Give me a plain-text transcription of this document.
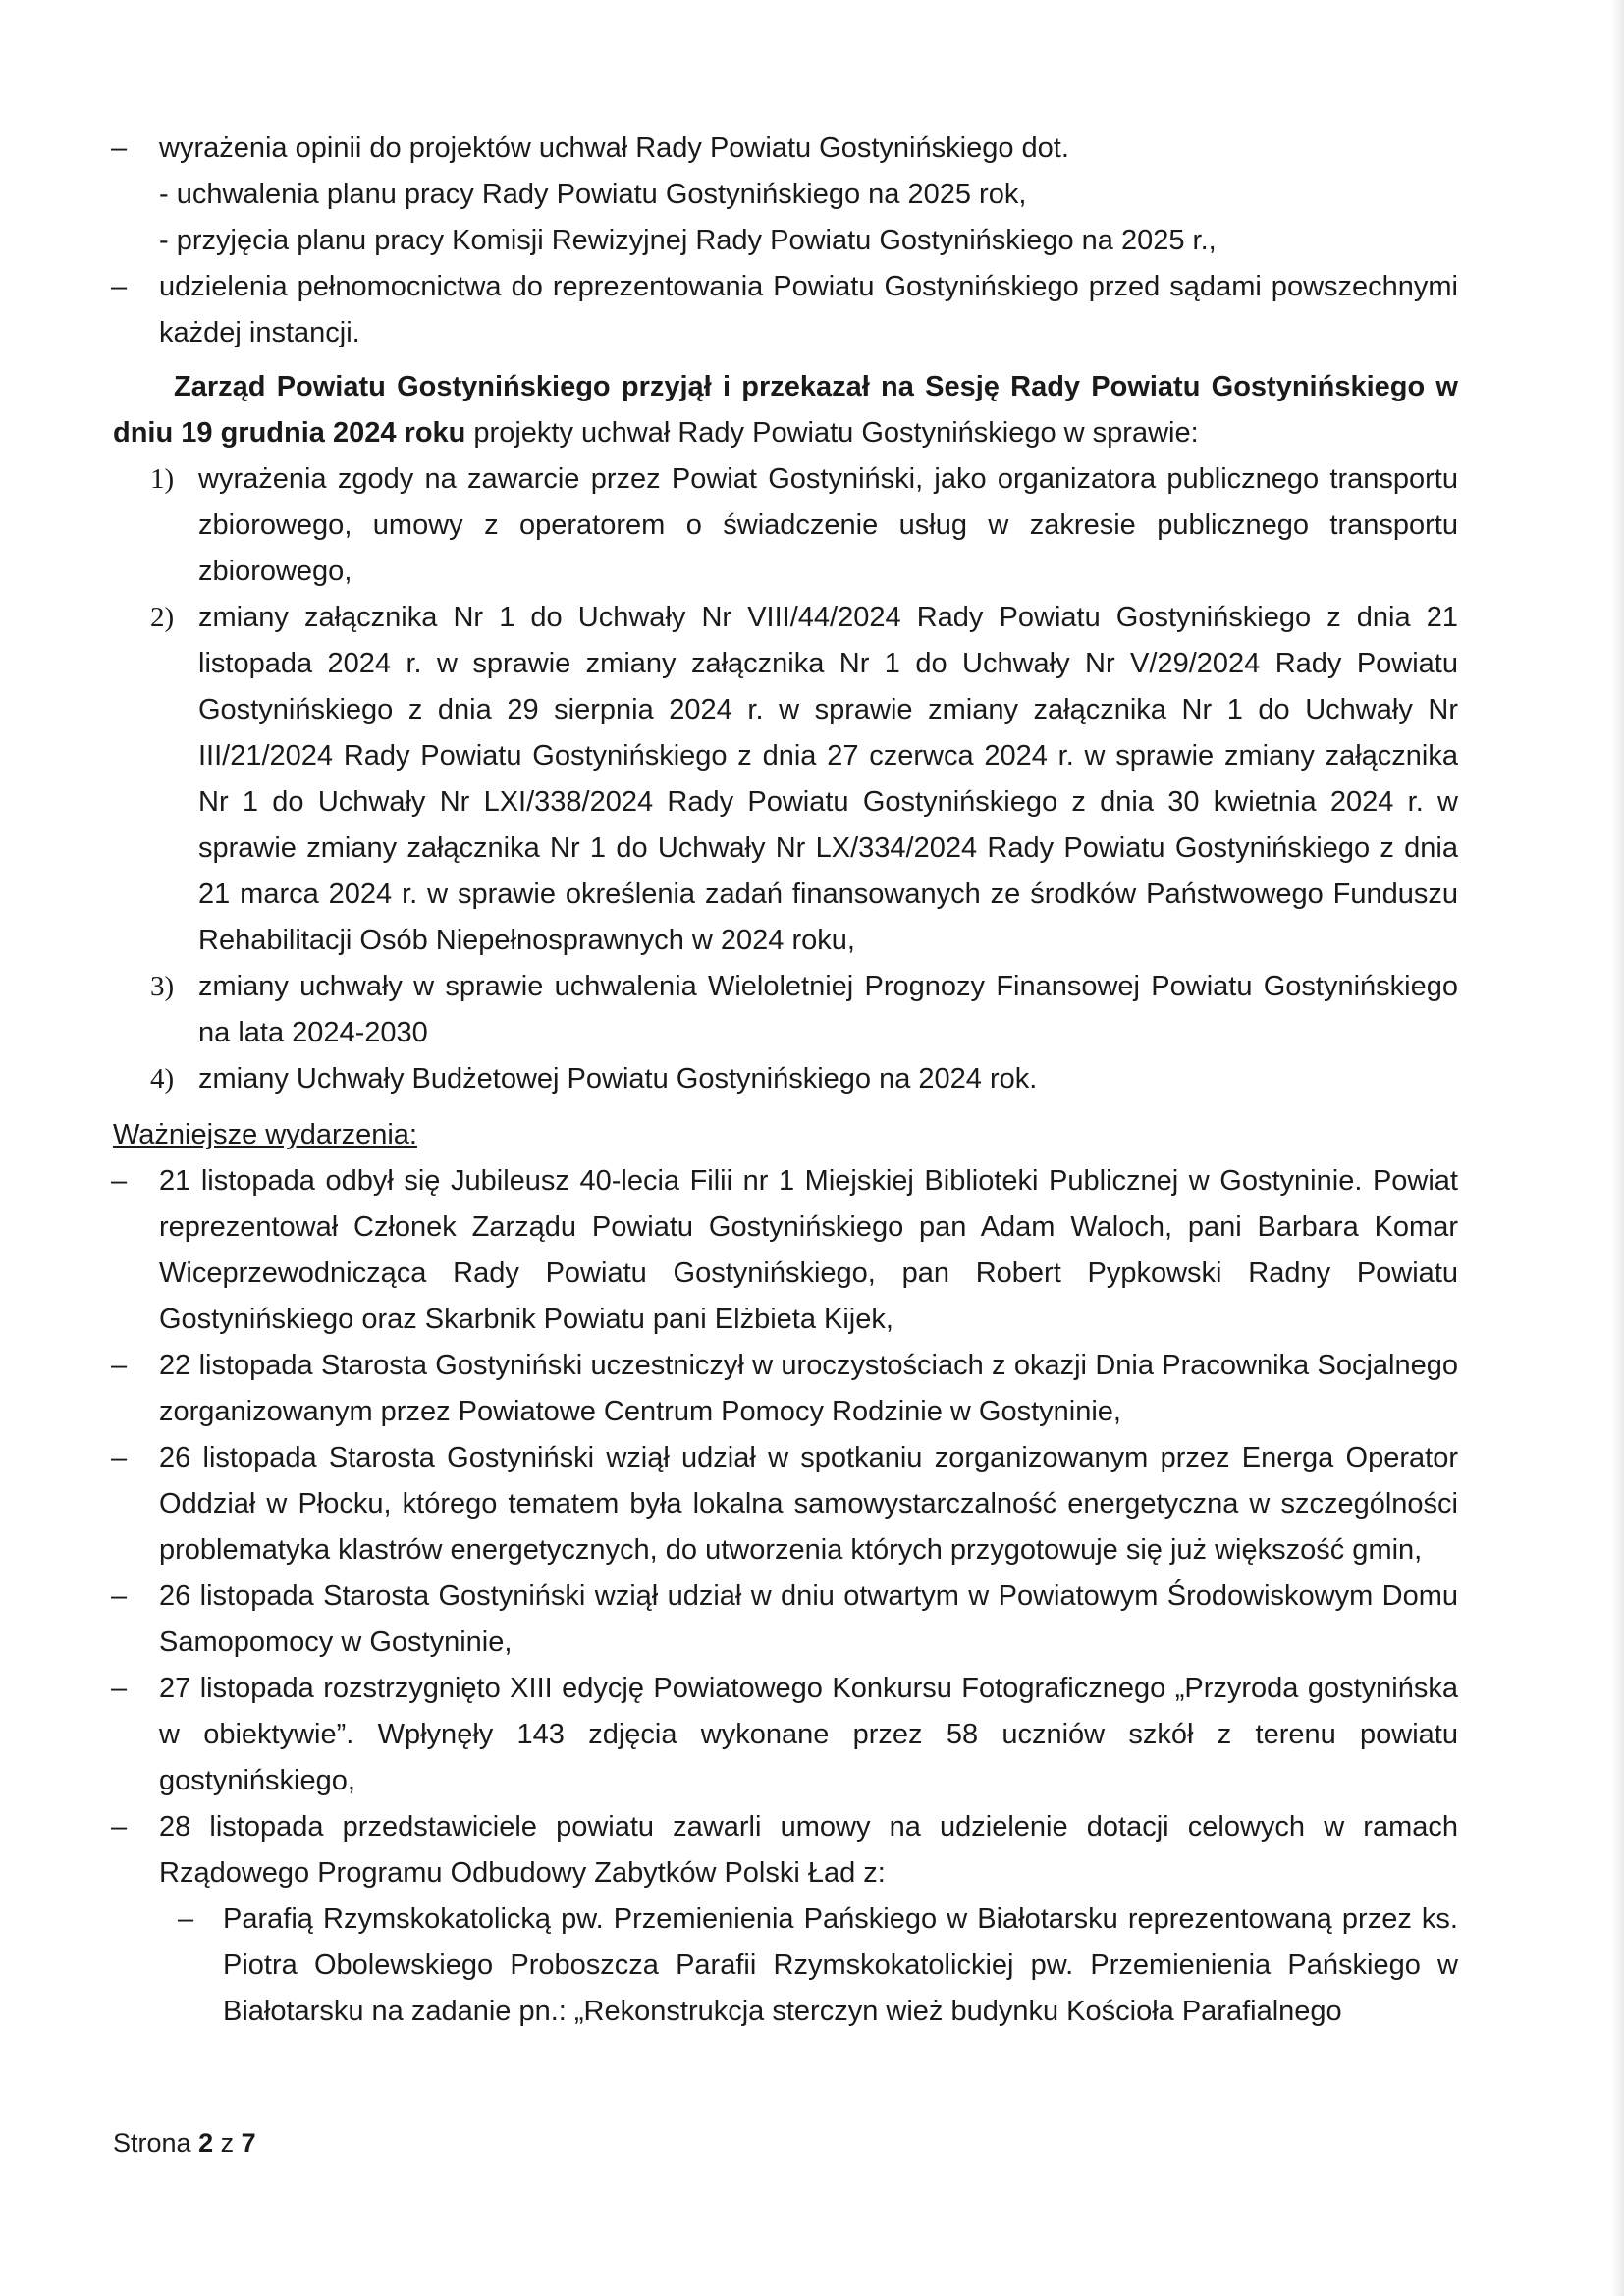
– wyrażenia opinii do projektów uchwał Rady Powiatu Gostynińskiego dot.
- uchwalenia planu pracy Rady Powiatu Gostynińskiego na 2025 rok,
- przyjęcia planu pracy Komisji Rewizyjnej Rady Powiatu Gostynińskiego na 2025 r.,
– udzielenia pełnomocnictwa do reprezentowania Powiatu Gostynińskiego przed sądami powszechnymi każdej instancji.

Zarząd Powiatu Gostynińskiego przyjął i przekazał na Sesję Rady Powiatu Gostynińskiego w dniu 19 grudnia 2024 roku projekty uchwał Rady Powiatu Gostynińskiego w sprawie:

1) wyrażenia zgody na zawarcie przez Powiat Gostyniński, jako organizatora publicznego transportu zbiorowego, umowy z operatorem o świadczenie usług w zakresie publicznego transportu zbiorowego,
2) zmiany załącznika Nr 1 do Uchwały Nr VIII/44/2024 Rady Powiatu Gostynińskiego z dnia 21 listopada 2024 r. w sprawie zmiany załącznika Nr 1 do Uchwały Nr V/29/2024 Rady Powiatu Gostynińskiego z dnia 29 sierpnia 2024 r. w sprawie zmiany załącznika Nr 1 do Uchwały Nr III/21/2024 Rady Powiatu Gostynińskiego z dnia 27 czerwca 2024 r. w sprawie zmiany załącznika Nr 1 do Uchwały Nr LXI/338/2024 Rady Powiatu Gostynińskiego z dnia 30 kwietnia 2024 r. w sprawie zmiany załącznika Nr 1 do Uchwały Nr LX/334/2024 Rady Powiatu Gostynińskiego z dnia 21 marca 2024 r. w sprawie określenia zadań finansowanych ze środków Państwowego Funduszu Rehabilitacji Osób Niepełnosprawnych w 2024 roku,
3) zmiany uchwały w sprawie uchwalenia Wieloletniej Prognozy Finansowej Powiatu Gostynińskiego na lata 2024-2030
4) zmiany Uchwały Budżetowej Powiatu Gostynińskiego na 2024 rok.
Ważniejsze wydarzenia:
– 21 listopada odbył się Jubileusz 40-lecia Filii nr 1 Miejskiej Biblioteki Publicznej w Gostyninie. Powiat reprezentował Członek Zarządu Powiatu Gostynińskiego pan Adam Waloch, pani Barbara Komar Wiceprzewodnicząca Rady Powiatu Gostynińskiego, pan Robert Pypkowski Radny Powiatu Gostynińskiego oraz Skarbnik Powiatu pani Elżbieta Kijek,
– 22 listopada Starosta Gostyniński uczestniczył w uroczystościach z okazji Dnia Pracownika Socjalnego zorganizowanym przez Powiatowe Centrum Pomocy Rodzinie w Gostyninie,
– 26 listopada Starosta Gostyniński wziął udział w spotkaniu zorganizowanym przez Energa Operator Oddział w Płocku, którego tematem była lokalna samowystarczalność energetyczna w szczególności problematyka klastrów energetycznych, do utworzenia których przygotowuje się już większość gmin,
– 26 listopada Starosta Gostyniński wziął udział w dniu otwartym w Powiatowym Środowiskowym Domu Samopomocy w Gostyninie,
– 27 listopada rozstrzygnięto XIII edycję Powiatowego Konkursu Fotograficznego „Przyroda gostynińska w obiektywie”. Wpłynęły 143 zdjęcia wykonane przez 58 uczniów szkół z terenu powiatu gostynińskiego,
– 28 listopada przedstawiciele powiatu zawarli umowy na udzielenie dotacji celowych w ramach Rządowego Programu Odbudowy Zabytków Polski Ład z:
– Parafią Rzymskokatolicką pw. Przemienienia Pańskiego w Białotarsku reprezentowaną przez ks. Piotra Obolewskiego Proboszcza Parafii Rzymskokatolickiej pw. Przemienienia Pańskiego w Białotarsku na zadanie pn.: „Rekonstrukcja sterczyn wież budynku Kościoła Parafialnego
Strona 2 z 7
